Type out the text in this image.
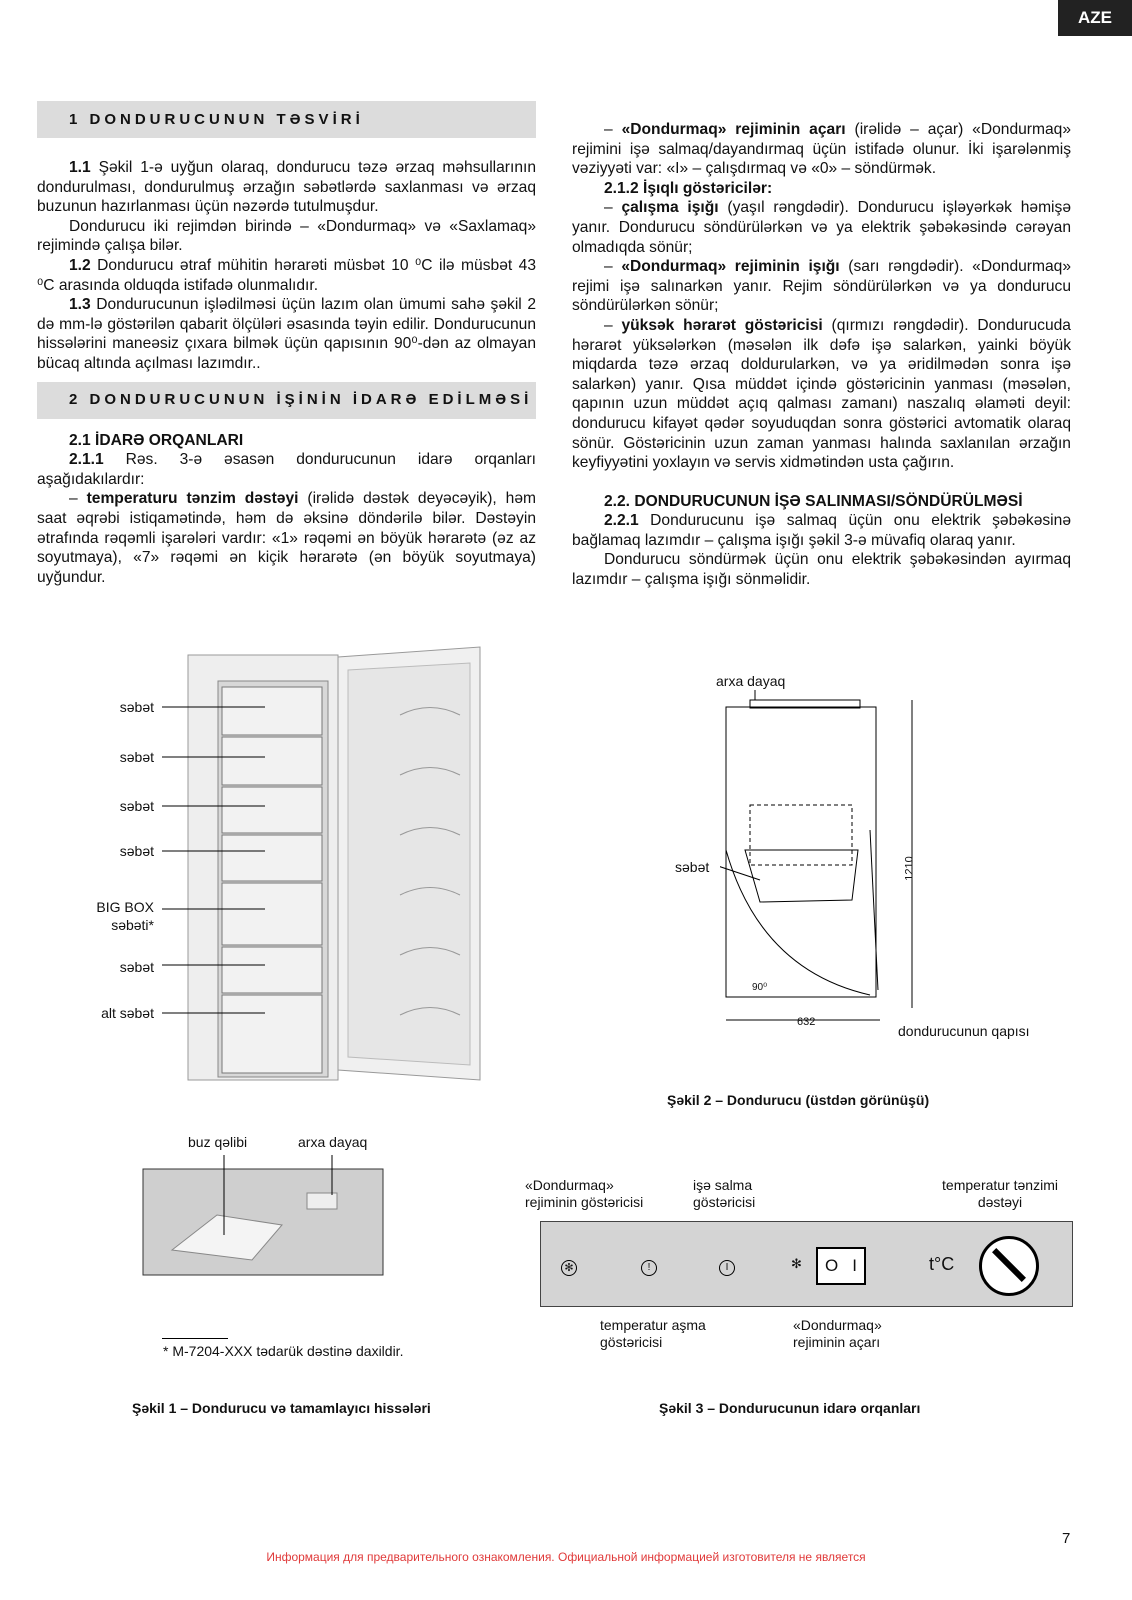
AZE
1 DONDURUCUNUN TƏSVİRİ

1.1 Şəkil 1-ə uyğun olaraq, dondurucu təzə ərzaq məhsullarının dondurulması, dondurulmuş ərzağın səbətlərdə saxlanması və ərzaq buzunun hazırlanması üçün nəzərdə tutulmuşdur.

Dondurucu iki rejimdən birində – «Dondurmaq» və «Saxlamaq» rejimində çalışa bilər.

1.2 Dondurucu ətraf mühitin hərarəti müsbət 10 ⁰C ilə müsbət 43 ⁰C arasında olduqda istifadə olunmalıdır.

1.3 Dondurucunun işlədilməsi üçün lazım olan ümumi sahə şəkil 2 də mm-lə göstərilən qabarit ölçüləri əsasında təyin edilir. Dondurucunun hissələrini maneəsiz çıxara bilmək üçün qapısının 90⁰-dən az olmayan bücaq altında açılması lazımdır..

2 DONDURUCUNUN İŞİNİN İDARƏ EDİLMƏSİ

2.1 İDARƏ ORQANLARI

2.1.1 Rəs. 3-ə əsasən dondurucunun idarə orqanları aşağıdakılardır:

– temperaturu tənzim dəstəyi (irəlidə dəstək deyəcəyik), həm saat əqrəbi istiqamətində, həm də əksinə döndərilə bilər. Dəstəyin ətrafında rəqəmli işarələri vardır: «1» rəqəmi ən böyük hərarətə (əz az soyutmaya), «7» rəqəmi ən kiçik hərarətə (ən böyük soyutmaya) uyğundur.

– «Dondurmaq» rejiminin açarı (irəlidə – açar) «Dondurmaq» rejimini işə salmaq/dayandırmaq üçün istifadə olunur. İki işarələnmiş vəziyyəti var: «I» – çalışdırmaq və «0» – söndürmək.

2.1.2 İşıqlı göstəricilər:

– çalışma işığı (yaşıl rəngdədir). Dondurucu işləyərkək həmişə yanır. Dondurucu söndürülərkən və ya elektrik şəbəkəsində cərəyan olmadıqda sönür;

– «Dondurmaq» rejiminin işığı (sarı rəngdədir). «Dondurmaq» rejimi işə salınarkən yanır. Rejim söndürülərkən və ya dondurucu söndürülərkən sönür;

– yüksək hərarət göstəricisi (qırmızı rəngdədir). Dondurucuda hərarət yüksələrkən (məsələn ilk dəfə işə salarkən, yainki böyük miqdarda təzə ərzaq doldurularkən, və ya əridilmədən sonra işə salarkən) yanır. Qısa müddət içində göstəricinin yanması (məsələn, qapının uzun müddət açıq qalması zamanı) naszalıq əlaməti deyil: dondurucu kifayət qədər soyuduqdan sonra göstərici avtomatik olaraq sönür. Göstəricinin uzun zaman yanması halında saxlanılan ərzağın keyfiyyətini yoxlayın və servis xidmətindən usta çağırın.

2.2. DONDURUCUNUN İŞƏ SALINMASI/SÖNDÜRÜLMƏSİ

2.2.1 Dondurucunu işə salmaq üçün onu elektrik şəbəkəsinə bağlamaq lazımdır – çalışma işığı şəkil 3-ə müvafiq olaraq yanır.

Dondurucu söndürmək üçün onu elektrik şəbəkəsindən ayırmaq lazımdır – çalışma işığı sönməlidir.

səbət
səbət
səbət
səbət
BIG BOX
səbəti*
səbət
alt səbət
buz qəlibi	arxa dayaq
* M-7204-XXX tədarük dəstinə daxildir.
Şəkil 1 – Dondurucu və tamamlayıcı hissələri
arxa dayaq
səbət	1210
90⁰
632
dondurucunun qapısı
Şəkil 2 – Dondurucu (üstdən görünüşü)
«Dondurmaq» rejiminin göstəricisi
işə salma göstəricisi
temperatur tənzimi dəstəyi
✻	!	I	✻ O I	t°C
temperatur aşma göstəricisi
«Dondurmaq» rejiminin açarı
Şəkil 3 – Dondurucunun idarə orqanları
7
Информация для предварительного ознакомления. Официальной информацией изготовителя не является
